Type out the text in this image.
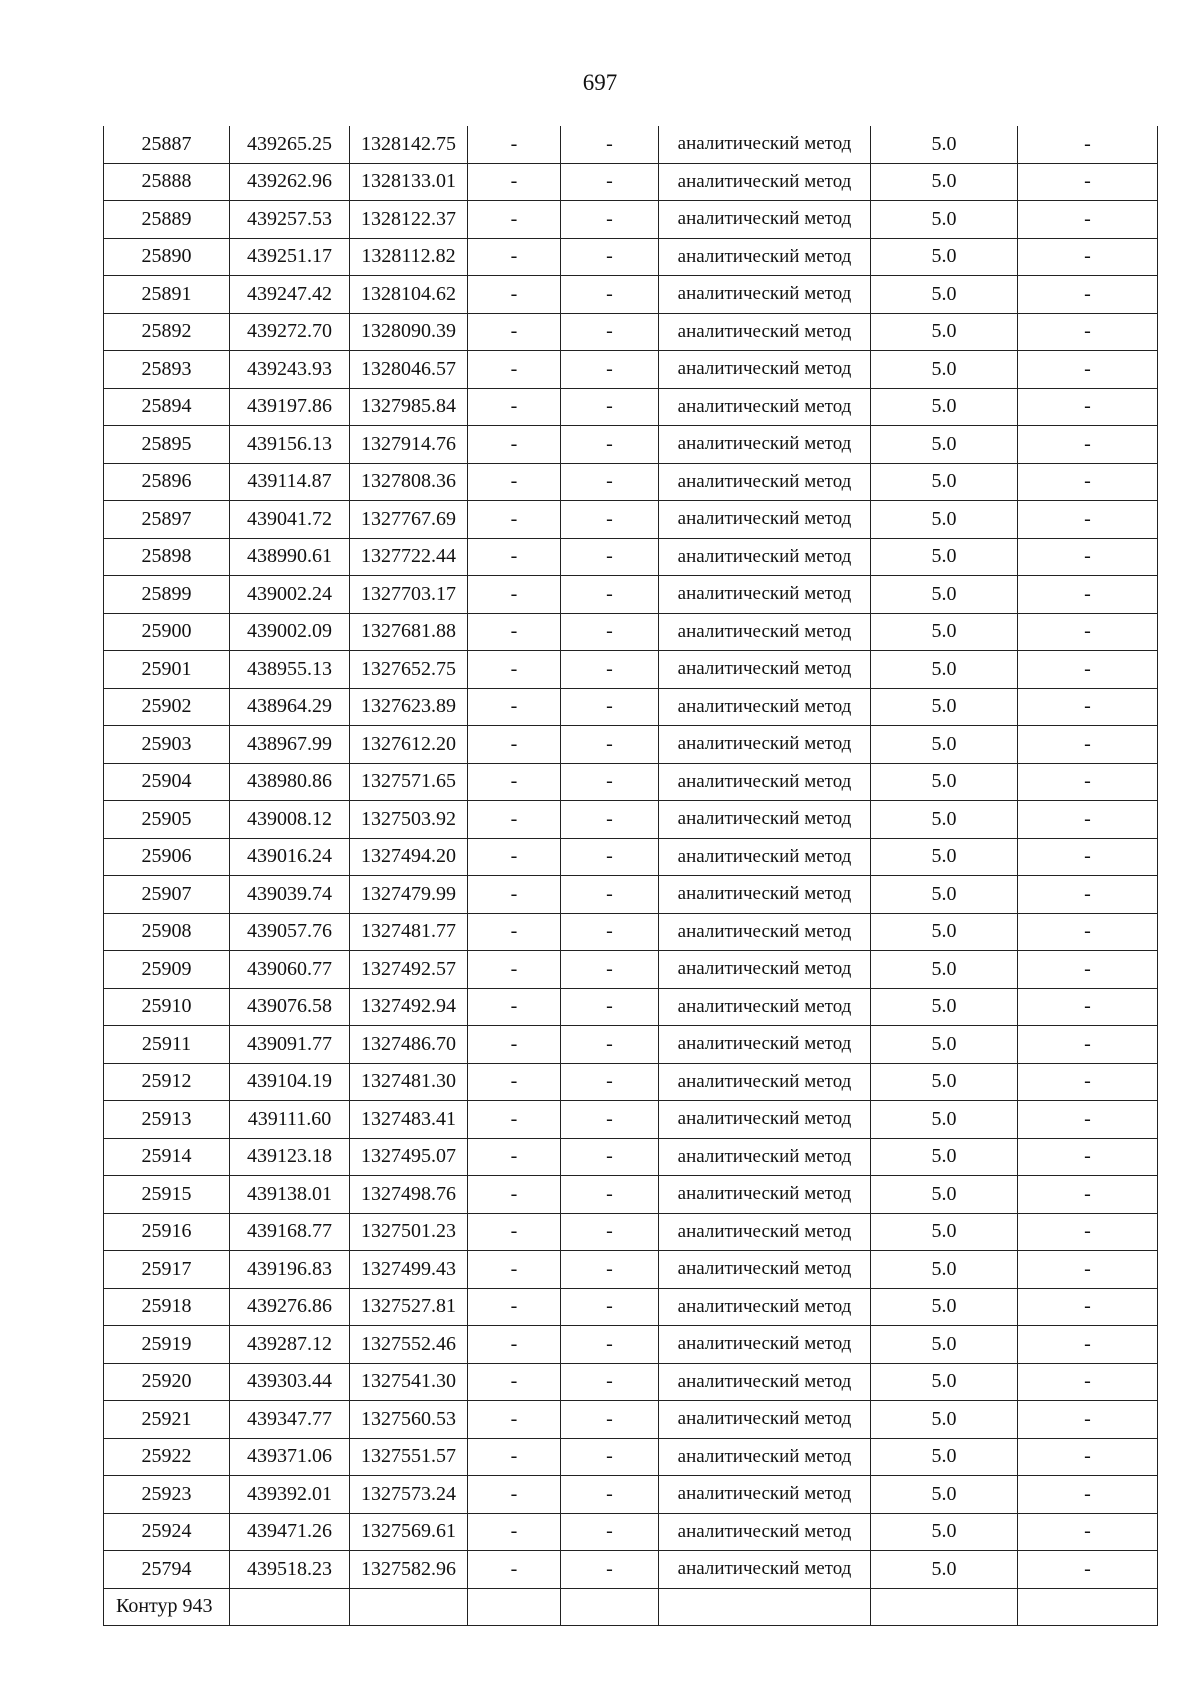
697
25887	439265.25	1328142.75	-	-	аналитический метод	5.0	-
25888	439262.96	1328133.01	-	-	аналитический метод	5.0	-
25889	439257.53	1328122.37	-	-	аналитический метод	5.0	-
25890	439251.17	1328112.82	-	-	аналитический метод	5.0	-
25891	439247.42	1328104.62	-	-	аналитический метод	5.0	-
25892	439272.70	1328090.39	-	-	аналитический метод	5.0	-
25893	439243.93	1328046.57	-	-	аналитический метод	5.0	-
25894	439197.86	1327985.84	-	-	аналитический метод	5.0	-
25895	439156.13	1327914.76	-	-	аналитический метод	5.0	-
25896	439114.87	1327808.36	-	-	аналитический метод	5.0	-
25897	439041.72	1327767.69	-	-	аналитический метод	5.0	-
25898	438990.61	1327722.44	-	-	аналитический метод	5.0	-
25899	439002.24	1327703.17	-	-	аналитический метод	5.0	-
25900	439002.09	1327681.88	-	-	аналитический метод	5.0	-
25901	438955.13	1327652.75	-	-	аналитический метод	5.0	-
25902	438964.29	1327623.89	-	-	аналитический метод	5.0	-
25903	438967.99	1327612.20	-	-	аналитический метод	5.0	-
25904	438980.86	1327571.65	-	-	аналитический метод	5.0	-
25905	439008.12	1327503.92	-	-	аналитический метод	5.0	-
25906	439016.24	1327494.20	-	-	аналитический метод	5.0	-
25907	439039.74	1327479.99	-	-	аналитический метод	5.0	-
25908	439057.76	1327481.77	-	-	аналитический метод	5.0	-
25909	439060.77	1327492.57	-	-	аналитический метод	5.0	-
25910	439076.58	1327492.94	-	-	аналитический метод	5.0	-
25911	439091.77	1327486.70	-	-	аналитический метод	5.0	-
25912	439104.19	1327481.30	-	-	аналитический метод	5.0	-
25913	439111.60	1327483.41	-	-	аналитический метод	5.0	-
25914	439123.18	1327495.07	-	-	аналитический метод	5.0	-
25915	439138.01	1327498.76	-	-	аналитический метод	5.0	-
25916	439168.77	1327501.23	-	-	аналитический метод	5.0	-
25917	439196.83	1327499.43	-	-	аналитический метод	5.0	-
25918	439276.86	1327527.81	-	-	аналитический метод	5.0	-
25919	439287.12	1327552.46	-	-	аналитический метод	5.0	-
25920	439303.44	1327541.30	-	-	аналитический метод	5.0	-
25921	439347.77	1327560.53	-	-	аналитический метод	5.0	-
25922	439371.06	1327551.57	-	-	аналитический метод	5.0	-
25923	439392.01	1327573.24	-	-	аналитический метод	5.0	-
25924	439471.26	1327569.61	-	-	аналитический метод	5.0	-
25794	439518.23	1327582.96	-	-	аналитический метод	5.0	-
Контур 943							
